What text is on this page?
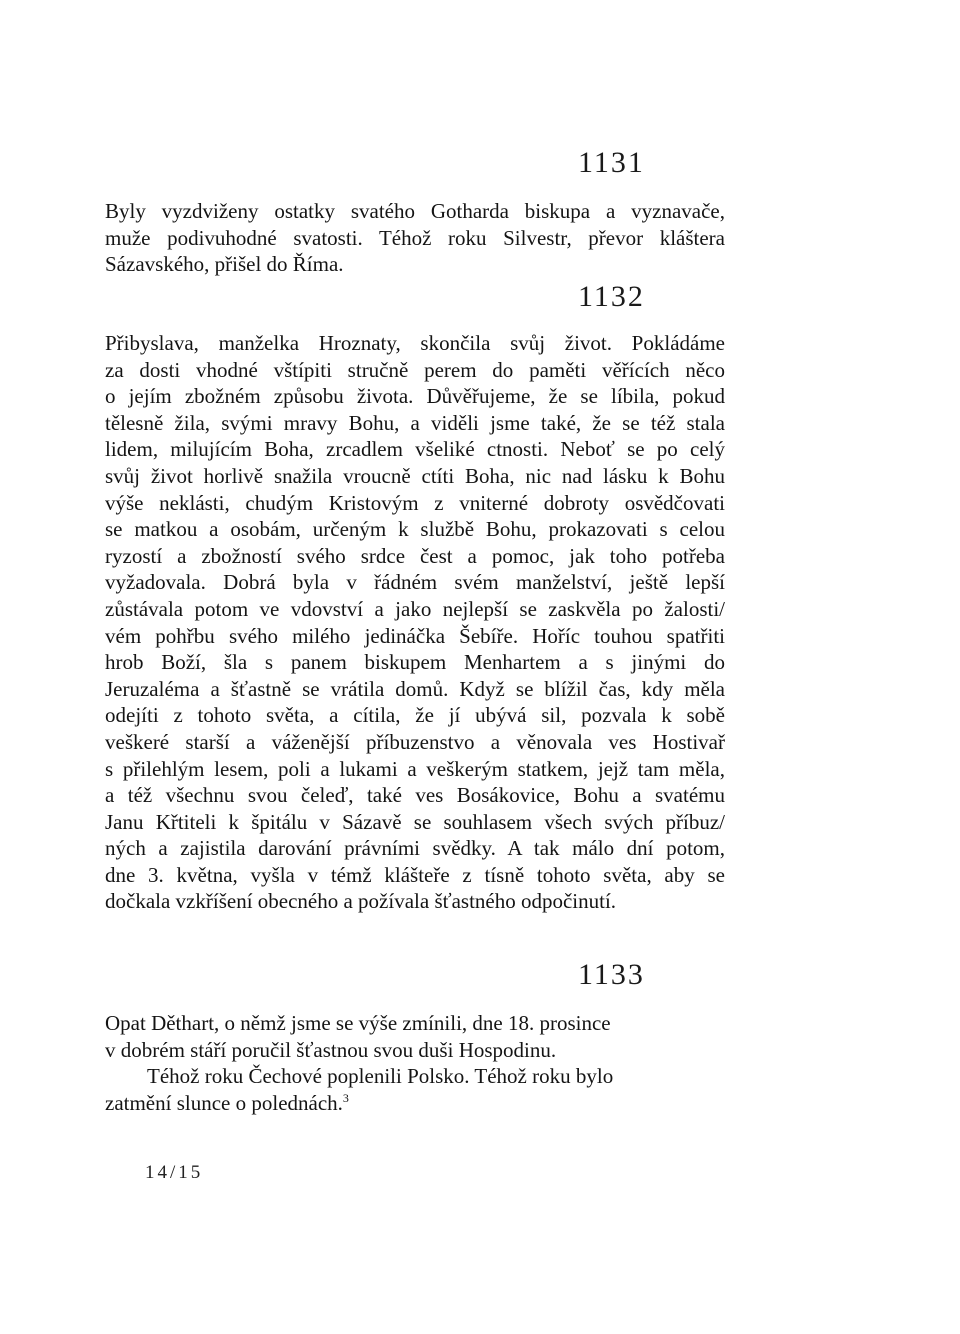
1131
Byly vyzdviženy ostatky svatého Gotharda biskupa a vyznavače,
muže podivuhodné svatosti. Téhož roku Silvestr, převor kláštera
Sázavského, přišel do Říma.
1132
Přibyslava, manželka Hroznaty, skončila svůj život. Pokládáme
za dosti vhodné vštípiti stručně perem do paměti věřících něco
o jejím zbožném způsobu života. Důvěřujeme, že se líbila, pokud
tělesně žila, svými mravy Bohu, a viděli jsme také, že se též stala
lidem, milujícím Boha, zrcadlem všeliké ctnosti. Neboť se po celý
svůj život horlivě snažila vroucně ctíti Boha, nic nad lásku k Bohu
výše neklásti, chudým Kristovým z vniterné dobroty osvědčovati
se matkou a osobám, určeným k službě Bohu, prokazovati s celou
ryzostí a zbožností svého srdce čest a pomoc, jak toho potřeba
vyžadovala. Dobrá byla v řádném svém manželství, ještě lepší
zůstávala potom ve vdovství a jako nejlepší se zaskvěla po žalosti/
vém pohřbu svého milého jedináčka Šebíře. Hoříc touhou spatřiti
hrob Boží, šla s panem biskupem Menhartem a s jinými do
Jeruzaléma a šťastně se vrátila domů. Když se blížil čas, kdy měla
odejíti z tohoto světa, a cítila, že jí ubývá sil, pozvala k sobě
veškeré starší a váženější příbuzenstvo a věnovala ves Hostivař
s přilehlým lesem, poli a lukami a veškerým statkem, jejž tam měla,
a též všechnu svou čeleď, také ves Bosákovice, Bohu a svatému
Janu Křtiteli k špitálu v Sázavě se souhlasem všech svých příbuz/
ných a zajistila darování právními svědky. A tak málo dní potom,
dne 3. května, vyšla v témž klášteře z tísně tohoto světa, aby se
dočkala vzkříšení obecného a požívala šťastného odpočinutí.
1133
Opat Děthart, o němž jsme se výše zmínili, dne 18. prosince
v dobrém stáří poručil šťastnou svou duši Hospodinu.
Téhož roku Čechové poplenili Polsko. Téhož roku bylo
zatmění slunce o polednách.$^3$
14/15
